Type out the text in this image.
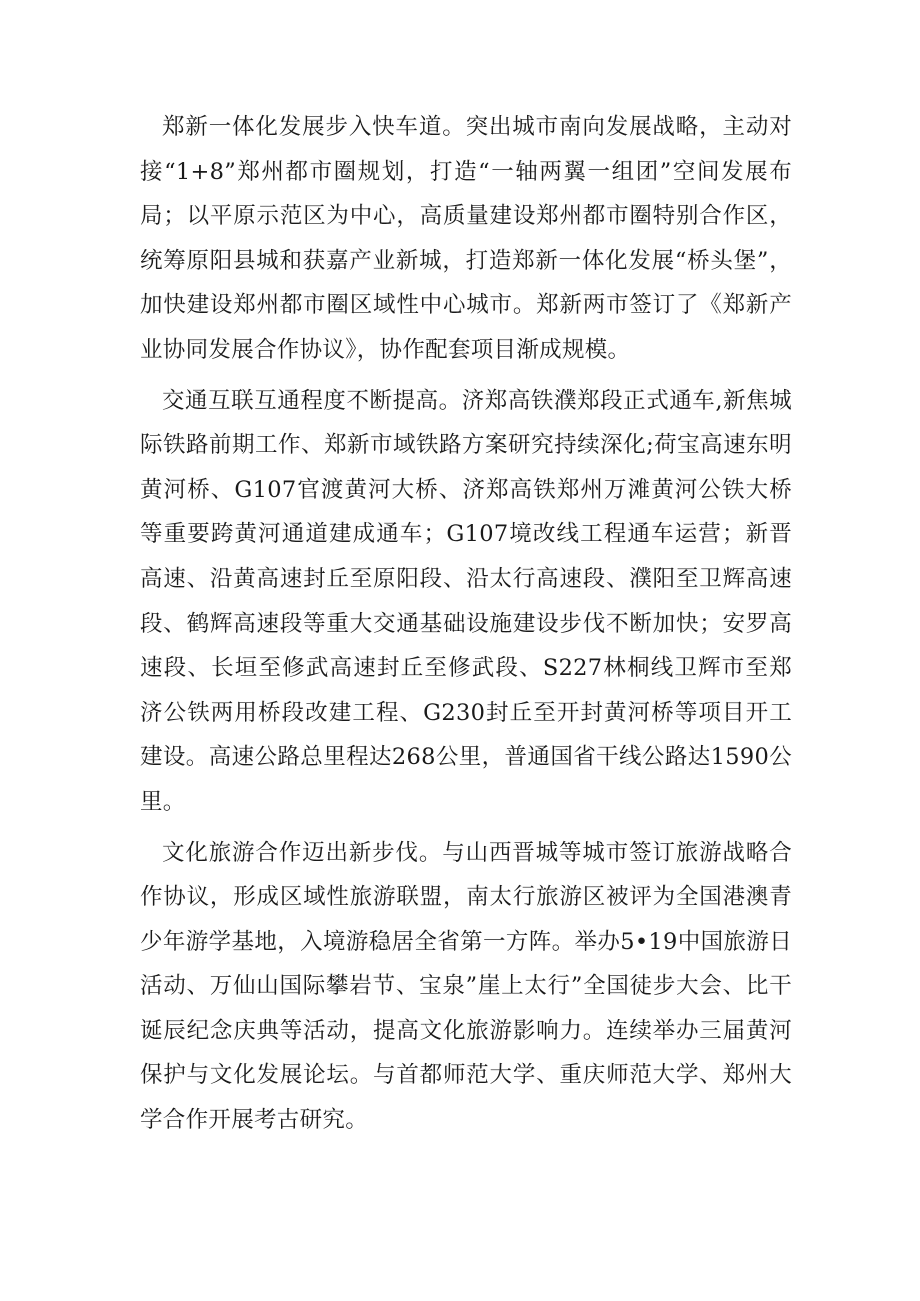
郑新一体化发展步入快车道。突出城市南向发展战略，主动对接“1+8”郑州都市圈规划，打造“一轴两翼一组团”空间发展布局；以平原示范区为中心，高质量建设郑州都市圈特别合作区，统筹原阳县城和获嘉产业新城，打造郑新一体化发展“桥头堡”，加快建设郑州都市圈区域性中心城市。郑新两市签订了《郑新产业协同发展合作协议》，协作配套项目渐成规模。

交通互联互通程度不断提高。济郑高铁濮郑段正式通车,新焦城际铁路前期工作、郑新市域铁路方案研究持续深化;荷宝高速东明黄河桥、G107官渡黄河大桥、济郑高铁郑州万滩黄河公铁大桥等重要跨黄河通道建成通车；G107境改线工程通车运营；新晋高速、沿黄高速封丘至原阳段、沿太行高速段、濮阳至卫辉高速段、鹤辉高速段等重大交通基础设施建设步伐不断加快；安罗高速段、长垣至修武高速封丘至修武段、S227林桐线卫辉市至郑济公铁两用桥段改建工程、G230封丘至开封黄河桥等项目开工建设。高速公路总里程达268公里，普通国省干线公路达1590公里。

文化旅游合作迈出新步伐。与山西晋城等城市签订旅游战略合作协议，形成区域性旅游联盟，南太行旅游区被评为全国港澳青少年游学基地，入境游稳居全省第一方阵。举办5•19中国旅游日活动、万仙山国际攀岩节、宝泉”崖上太行”全国徒步大会、比干诞辰纪念庆典等活动，提高文化旅游影响力。连续举办三届黄河保护与文化发展论坛。与首都师范大学、重庆师范大学、郑州大学合作开展考古研究。
